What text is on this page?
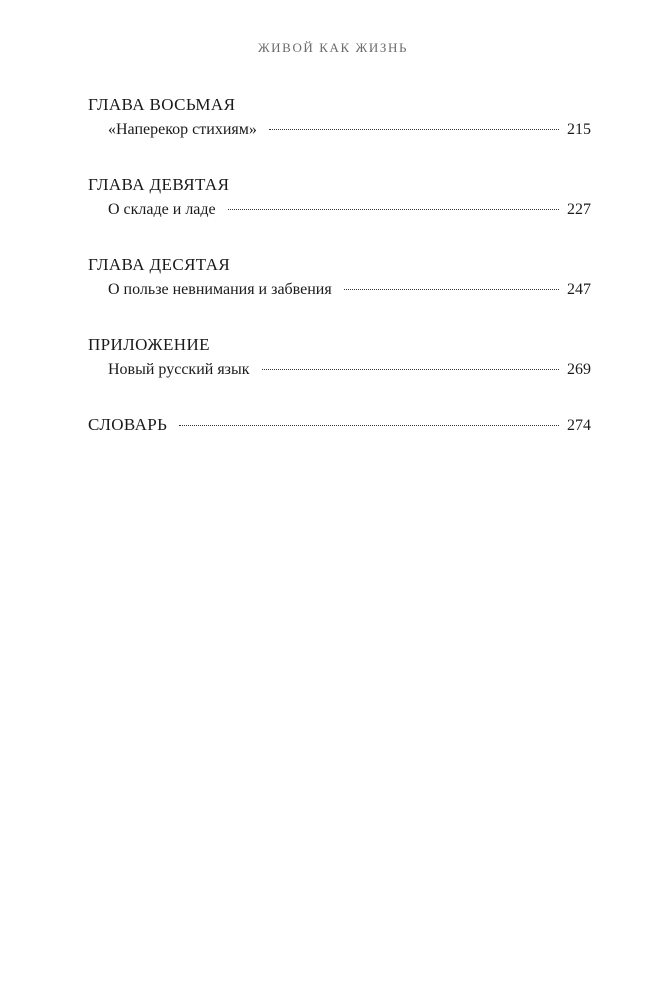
ЖИВОЙ КАК ЖИЗНЬ
ГЛАВА ВОСЬМАЯ
«Наперекор стихиям»	215
ГЛАВА ДЕВЯТАЯ
О складе и ладе	227
ГЛАВА ДЕСЯТАЯ
О пользе невнимания и забвения	247
ПРИЛОЖЕНИЕ
Новый русский язык	269
СЛОВАРЬ	274
